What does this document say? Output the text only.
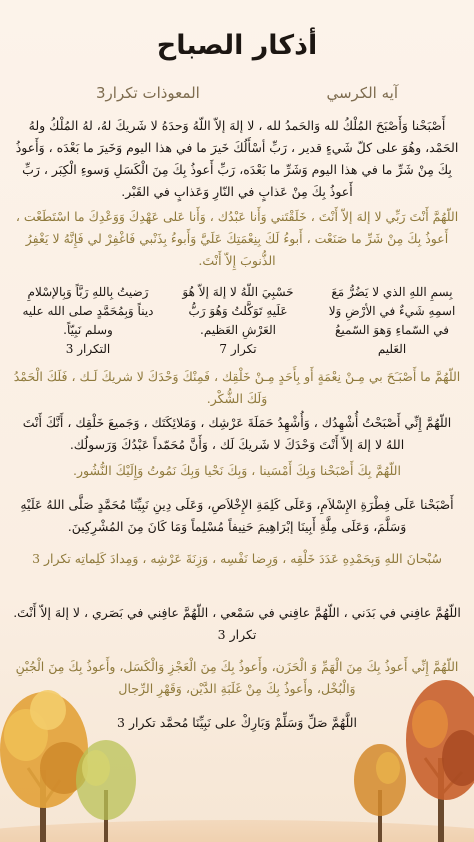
أذكار الصباح

آيه الكرسي

المعوذات تكرار3

أَصْبَحْنا وَأَصْبَحَ المُلْكُ لله وَالحَمدُ لله ، لا إلهَ إلاّ اللّهُ وَحدَهُ لا شَريكَ لهُ، لهُ المُلْكُ ولهُ الحَمْد، وهُوَ على كلّ شَيءٍ قدير ، رَبِّ أسْأَلُكَ خَيرَ ما في هذا اليوم وَخَيرَ ما بَعْدَه ، وَأَعوذُ بِكَ مِنْ شَرِّ ما في هذا اليوم وَشَرِّ ما بَعْدَه، رَبِّ أَعوذُ بِكَ مِنَ الْكَسَلِ وَسوءِ الْكِبَر ، رَبِّ أَعوذُ بِكَ مِنْ عَذابٍ في النّارِ وَعَذابٍ في القَبْر.

اللّهُمَّ أَنْتَ رَبِّي لا إلهَ إلاّ أَنْتَ ، خَلَقْتَني وَأَنا عَبْدُك ، وَأَنا عَلى عَهْدِكَ وَوَعْدِكَ ما اسْتَطَعْت ، أَعوذُ بِكَ مِنْ شَرِّ ما صَنَعْت ، أَبوءُ لَكَ بِنِعْمَتِكَ عَلَيَّ وَأَبوءُ بِذَنْبي فَاغْفِرْ لي فَإِنَّهُ لا يَغْفِرُ الذُّنوبَ إِلاّ أَنْتَ.

بِسمِ اللهِ الذي لا يَضُرُّ مَعَ اسمِهِ شَيءٌ في الأرْضِ وَلا في السّماءِ وَهوَ السّميعُ العَليم

حَسْبِيَ اللّهُ لا إلهَ إلاّ هُوَ عَلَيهِ تَوَكَّلتُ وَهُوَ رَبُّ العَرْشِ العَظيم.
تكرار 7

رَضيتُ بِاللهِ رَبَّاً وَبِالإسْلامِ ديناً وَبِمُحَمَّدٍ صلى الله عليه وسلم نَبِيّاً.
التكرار 3

اللّهُمَّ ما أَصْبَـَحَ بي مِـنْ نِعْمَةٍ أَو بِأَحَدٍ مِـنْ خَلْقِك ، فَمِنْكَ وَحْدَكَ لا شريكَ لَـك ، فَلَكَ الْحَمْدُ وَلَكَ الشُّكْر.

اللّهُمَّ إِنِّي أَصْبَحْتُ أُشْهِدُك ، وَأُشْهِدُ حَمَلَةَ عَرْشِك ، وَمَلائِكَتَك ، وَجَميعَ خَلْقِك ، أَنَّكَ أَنْتَ اللهُ لا إلهَ إلاّ أَنْتَ وَحْدَكَ لا شَريكَ لَك ، وَأَنَّ مُحَمّداً عَبْدُكَ وَرَسولُك.

اللّهُمَّ بِكَ أَصْبَحْنا وَبِكَ أَمْسَينا ، وَبِكَ نَحْيا وَبِكَ نَمُوتُ وَإِلَيْكَ النُّشُور.

أَصْبَحْنا عَلَى فِطْرَةِ الإِسْلاَمِ، وَعَلَى كَلِمَةِ الإِخْلاَصِ، وَعَلَى دِينِ نَبِيِّنَا مُحَمَّدٍ صَلَّى اللهُ عَلَيْهِ وَسَلَّمَ، وَعَلَى مِلَّةِ أَبِينَا إبْرَاهِيمَ حَنِيفاً مُسْلِماً وَمَا كَانَ مِنَ المُشْرِكِينَ.

سُبْحانَ اللهِ وَبِحَمْدِهِ عَدَدَ خَلْقِه ، وَرِضا نَفْسِه ، وَزِنَةَ عَرْشِه ، وَمِدادَ كَلِماتِه تكرار 3

اللّهُمَّ عافِني في بَدَني ، اللّهُمَّ عافِني في سَمْعي ، اللّهُمَّ عافِني في بَصَري ، لا إلهَ إلاّ أَنْتَ. تكرار 3

اللّهُمَّ إِنِّي أَعوذُ بِكَ مِنَ الْهَمِّ وَ الْحَزَن، وأَعوذُ بِكَ مِنَ الْعَجْزِ وَالْكَسَل، وأَعوذُ بِكَ مِنَ الْجُبْنِ وَالْبُخْل، وأَعوذُ بِكَ مِنْ غَلَبَةِ الدَّيْن، وَقَهْرِ الرِّجال

اللَّهُمَّ صَلِّ وَسَلِّمْ وَبَارِكْ على نَبِيِّنَا مُحمَّد تكرار 3
